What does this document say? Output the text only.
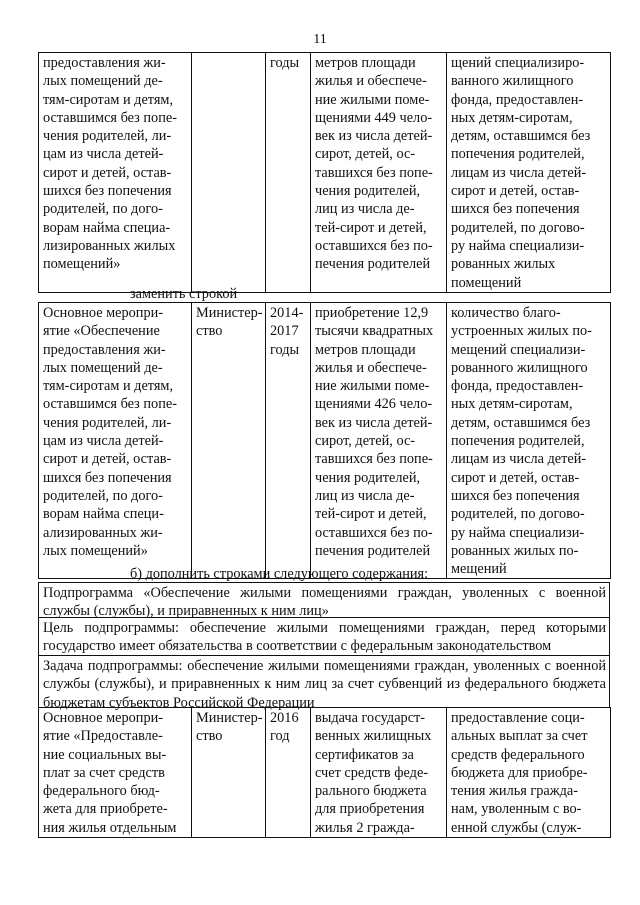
11
предоставления жи-
лых помещений де-
тям-сиротам и детям,
оставшимся без попе-
чения родителей, ли-
цам из числа детей-
сирот и детей, остав-
шихся без попечения
родителей, по дого-
ворам найма специа-
лизированных жилых
помещений»		годы	метров площади
жилья и обеспече-
ние жилыми поме-
щениями 449 чело-
век из числа детей-
сирот, детей, ос-
тавшихся без попе-
чения родителей,
лиц из числа де-
тей-сирот и детей,
оставшихся без по-
печения родителей	щений специализиро-
ванного жилищного
фонда, предоставлен-
ных детям-сиротам,
детям, оставшимся без
попечения родителей,
лицам из числа детей-
сирот и детей, остав-
шихся без попечения
родителей, по догово-
ру найма специализи-
рованных жилых
помещений
заменить строкой
Основное меропри-
ятие «Обеспечение
предоставления жи-
лых помещений де-
тям-сиротам и детям,
оставшимся без попе-
чения родителей, ли-
цам из числа детей-
сирот и детей, остав-
шихся без попечения
родителей, по дого-
ворам найма специ-
ализированных жи-
лых помещений»	Министер-
ство	2014-
2017
годы	приобретение 12,9
тысячи квадратных
метров площади
жилья и обеспече-
ние жилыми поме-
щениями 426 чело-
век из числа детей-
сирот, детей, ос-
тавшихся без попе-
чения родителей,
лиц из числа де-
тей-сирот и детей,
оставшихся без по-
печения родителей	количество благо-
устроенных жилых по-
мещений специализи-
рованного жилищного
фонда, предоставлен-
ных детям-сиротам,
детям, оставшимся без
попечения родителей,
лицам из числа детей-
сирот и детей, остав-
шихся без попечения
родителей, по догово-
ру найма специализи-
рованных жилых по-
мещений
б) дополнить строками следующего содержания:
Подпрограмма «Обеспечение жилыми помещениями граждан, уволенных с военной службы (службы), и приравненных к ним лиц»
Цель подпрограммы: обеспечение жилыми помещениями граждан, перед которыми государство имеет обязательства в соответствии с федеральным законодательством
Задача подпрограммы: обеспечение жилыми помещениями граждан, уволенных с военной службы (службы), и приравненных к ним лиц за счет субвенций из федерального бюджета бюджетам субъектов Российской Федерации
Основное меропри-
ятие «Предоставле-
ние социальных вы-
плат за счет средств
федерального бюд-
жета для приобрете-
ния жилья отдельным	Министер-
ство	2016
год	выдача государст-
венных жилищных
сертификатов за
счет средств феде-
рального бюджета
для приобретения
жилья 2 гражда-	предоставление соци-
альных выплат за счет
средств федерального
бюджета для приобре-
тения жилья гражда-
нам, уволенным с во-
енной службы (служ-
